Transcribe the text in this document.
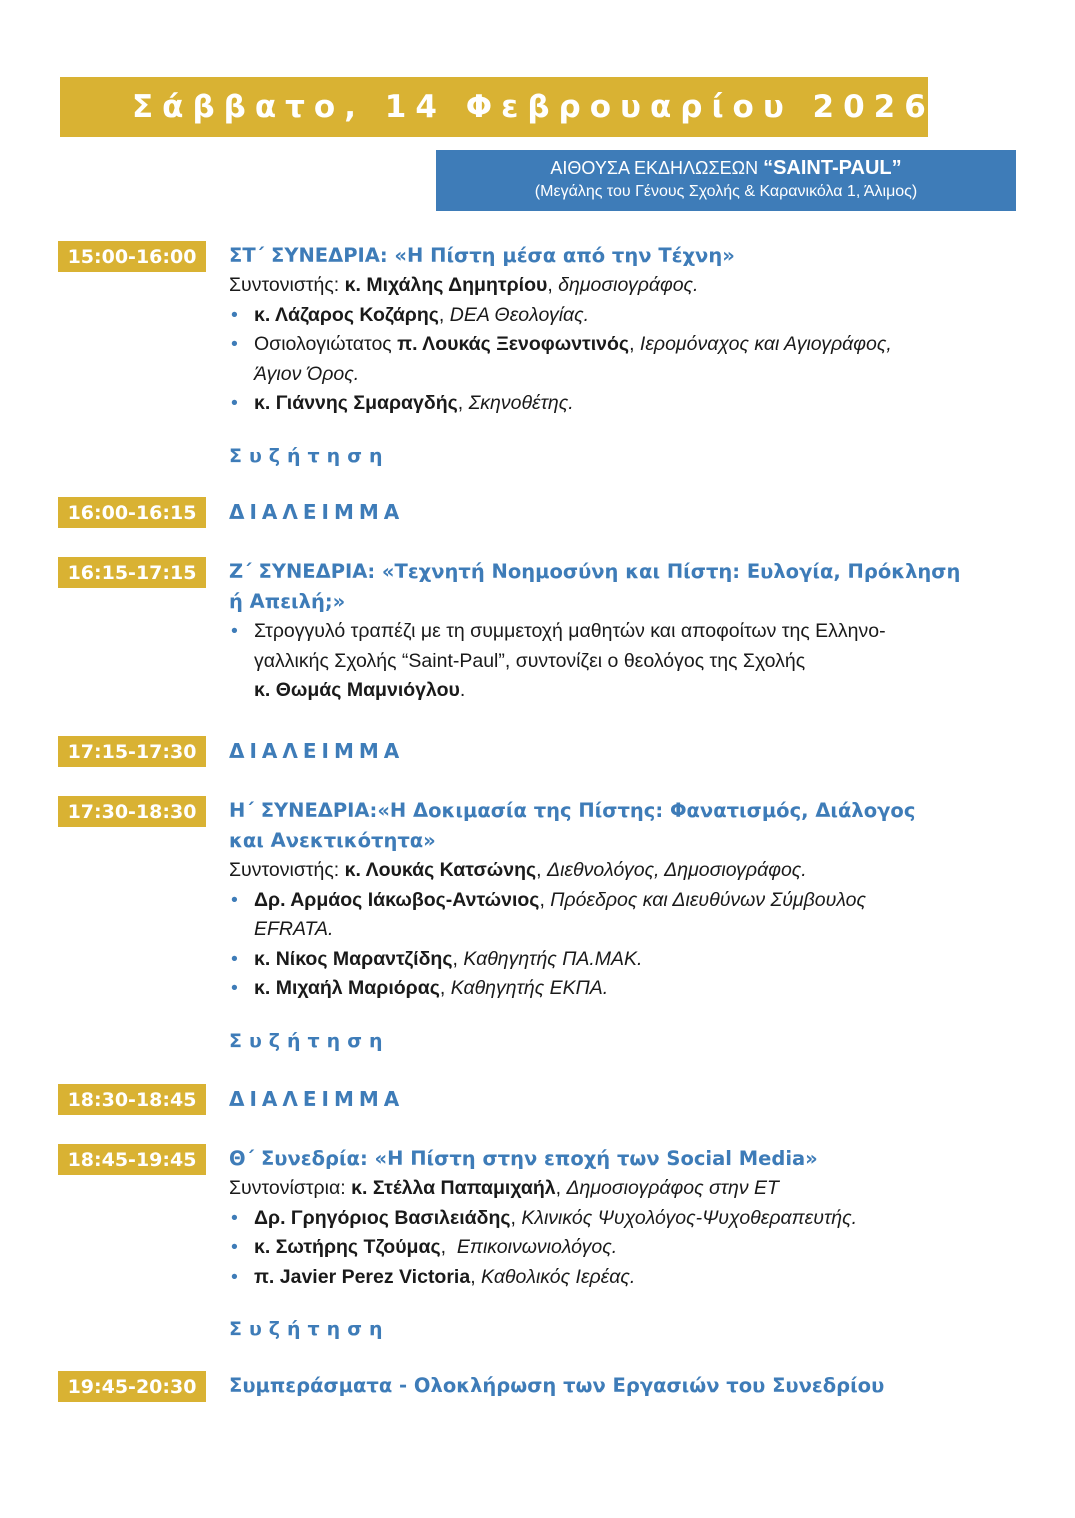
Σάββατο, 14 Φεβρουαρίου 2026
ΑΙΘΟΥΣΑ ΕΚΔΗΛΩΣΕΩΝ “SAINT-PAUL”
(Μεγάλης του Γένους Σχολής & Καρανικόλα 1, Άλιμος)
15:00-16:00 ΣΤ΄ ΣΥΝΕΔΡΙΑ: «Η Πίστη μέσα από την Τέχνη»

Συντονιστής: κ. Μιχάλης Δημητρίου, δημοσιογράφος.

• κ. Λάζαρος Κοζάρης, DEA Θεολογίας.
• Οσιολογιώτατος π. Λουκάς Ξενοφωντινός, Ιερομόναχος και Αγιογράφος,
Άγιον Όρος.
• κ. Γιάννης Σμαραγδής, Σκηνοθέτης.
Συζήτηση
16:00-16:15 ΔΙΑΛΕΙΜΜΑ

16:15-17:15 Ζ΄ ΣΥΝΕΔΡΙΑ: «Τεχνητή Νοημοσύνη και Πίστη: Ευλογία, Πρόκληση

ή Απειλή;»

• Στρογγυλό τραπέζι με τη συμμετοχή μαθητών και αποφοίτων της Ελληνο-
γαλλικής Σχολής “Saint-Paul”, συντονίζει ο θεολόγος της Σχολής
κ. Θωμάς Μαμνιόγλου.
17:15-17:30 ΔΙΑΛΕΙΜΜΑ

17:30-18:30 Η΄ ΣΥΝΕΔΡΙΑ:«Η Δοκιμασία της Πίστης: Φανατισμός, Διάλογος

και Ανεκτικότητα»

Συντονιστής: κ. Λουκάς Κατσώνης, Διεθνολόγος, Δημοσιογράφος.

• Δρ. Αρμάος Ιάκωβος-Αντώνιος, Πρόεδρος και Διευθύνων Σύμβουλος
EFRATA.
• κ. Νίκος Μαραντζίδης, Καθηγητής ΠΑ.ΜΑΚ.
• κ. Μιχαήλ Μαριόρας, Καθηγητής ΕΚΠΑ.
Συζήτηση
18:30-18:45 ΔΙΑΛΕΙΜΜΑ

18:45-19:45 Θ΄ Συνεδρία: «Η Πίστη στην εποχή των Social Media»

Συντονίστρια: κ. Στέλλα Παπαμιχαήλ, Δημοσιογράφος στην ΕΤ

• Δρ. Γρηγόριος Βασιλειάδης, Κλινικός Ψυχολόγος-Ψυχοθεραπευτής.
• κ. Σωτήρης Τζούμας,  Επικοινωνιολόγος.
• π. Javier Perez Victoria, Καθολικός Ιερέας.
Συζήτηση
19:45-20:30 Συμπεράσματα - Ολοκλήρωση των Εργασιών του Συνεδρίου
